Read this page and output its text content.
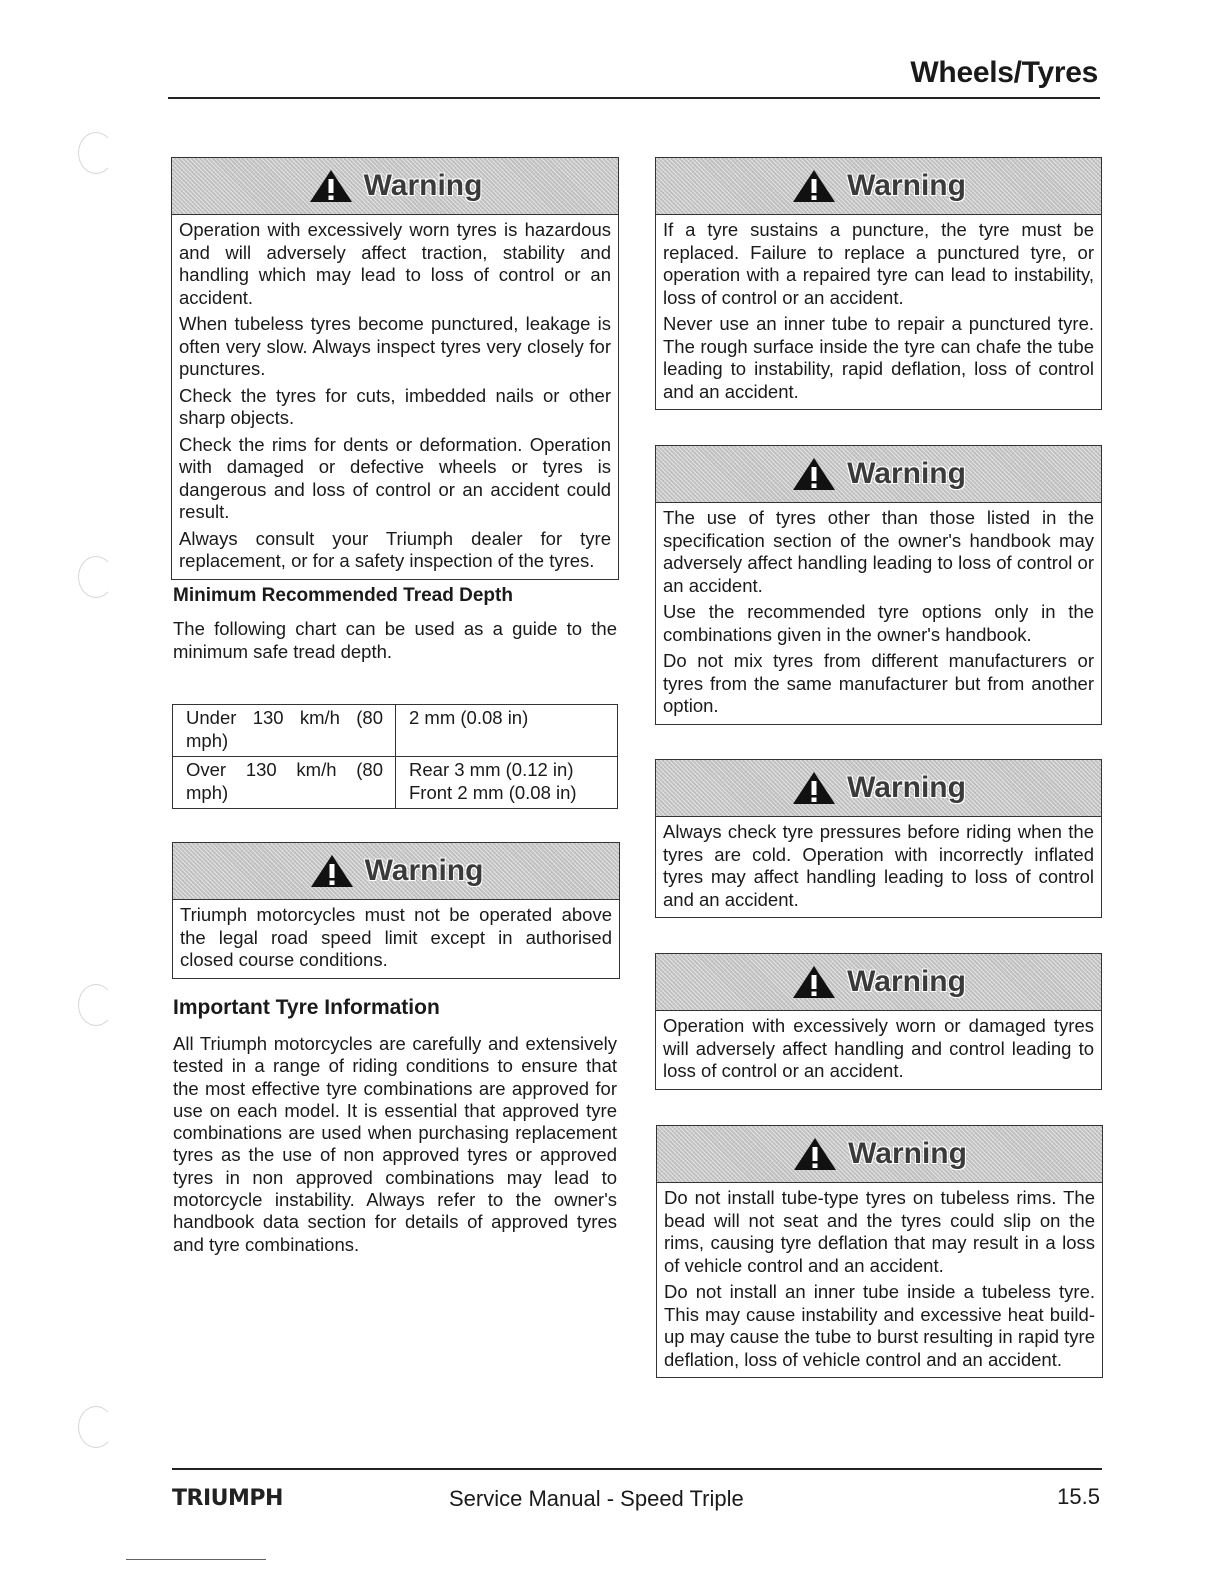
Wheels/Tyres
Warning

Operation with excessively worn tyres is hazardous and will adversely affect traction, stability and handling which may lead to loss of control or an accident.

When tubeless tyres become punctured, leakage is often very slow. Always inspect tyres very closely for punctures.

Check the tyres for cuts, imbedded nails or other sharp objects.

Check the rims for dents or deformation. Operation with damaged or defective wheels or tyres is dangerous and loss of control or an accident could result.

Always consult your Triumph dealer for tyre replacement, or for a safety inspection of the tyres.

Minimum Recommended Tread Depth

The following chart can be used as a guide to the minimum safe tread depth.

Under 130 km/h (80 mph)	2 mm (0.08 in)

Over 130 km/h (80 mph)	Rear 3 mm (0.12 in)
Front 2 mm (0.08 in)
Warning

Triumph motorcycles must not be operated above the legal road speed limit except in authorised closed course conditions.

Important Tyre Information

All Triumph motorcycles are carefully and extensively tested in a range of riding conditions to ensure that the most effective tyre combinations are approved for use on each model. It is essential that approved tyre combinations are used when purchasing replacement tyres as the use of non approved tyres or approved tyres in non approved combinations may lead to motorcycle instability. Always refer to the owner's handbook data section for details of approved tyres and tyre combinations.

Warning

If a tyre sustains a puncture, the tyre must be replaced. Failure to replace a punctured tyre, or operation with a repaired tyre can lead to instability, loss of control or an accident.

Never use an inner tube to repair a punctured tyre. The rough surface inside the tyre can chafe the tube leading to instability, rapid deflation, loss of control and an accident.

Warning

The use of tyres other than those listed in the specification section of the owner's handbook may adversely affect handling leading to loss of control or an accident.

Use the recommended tyre options only in the combinations given in the owner's handbook.

Do not mix tyres from different manufacturers or tyres from the same manufacturer but from another option.

Warning

Always check tyre pressures before riding when the tyres are cold. Operation with incorrectly inflated tyres may affect handling leading to loss of control and an accident.

Warning

Operation with excessively worn or damaged tyres will adversely affect handling and control leading to loss of control or an accident.

Warning

Do not install tube-type tyres on tubeless rims. The bead will not seat and the tyres could slip on the rims, causing tyre deflation that may result in a loss of vehicle control and an accident.

Do not install an inner tube inside a tubeless tyre. This may cause instability and excessive heat build-up may cause the tube to burst resulting in rapid tyre deflation, loss of vehicle control and an accident.

TRIUMPH	Service Manual - Speed Triple	15.5
